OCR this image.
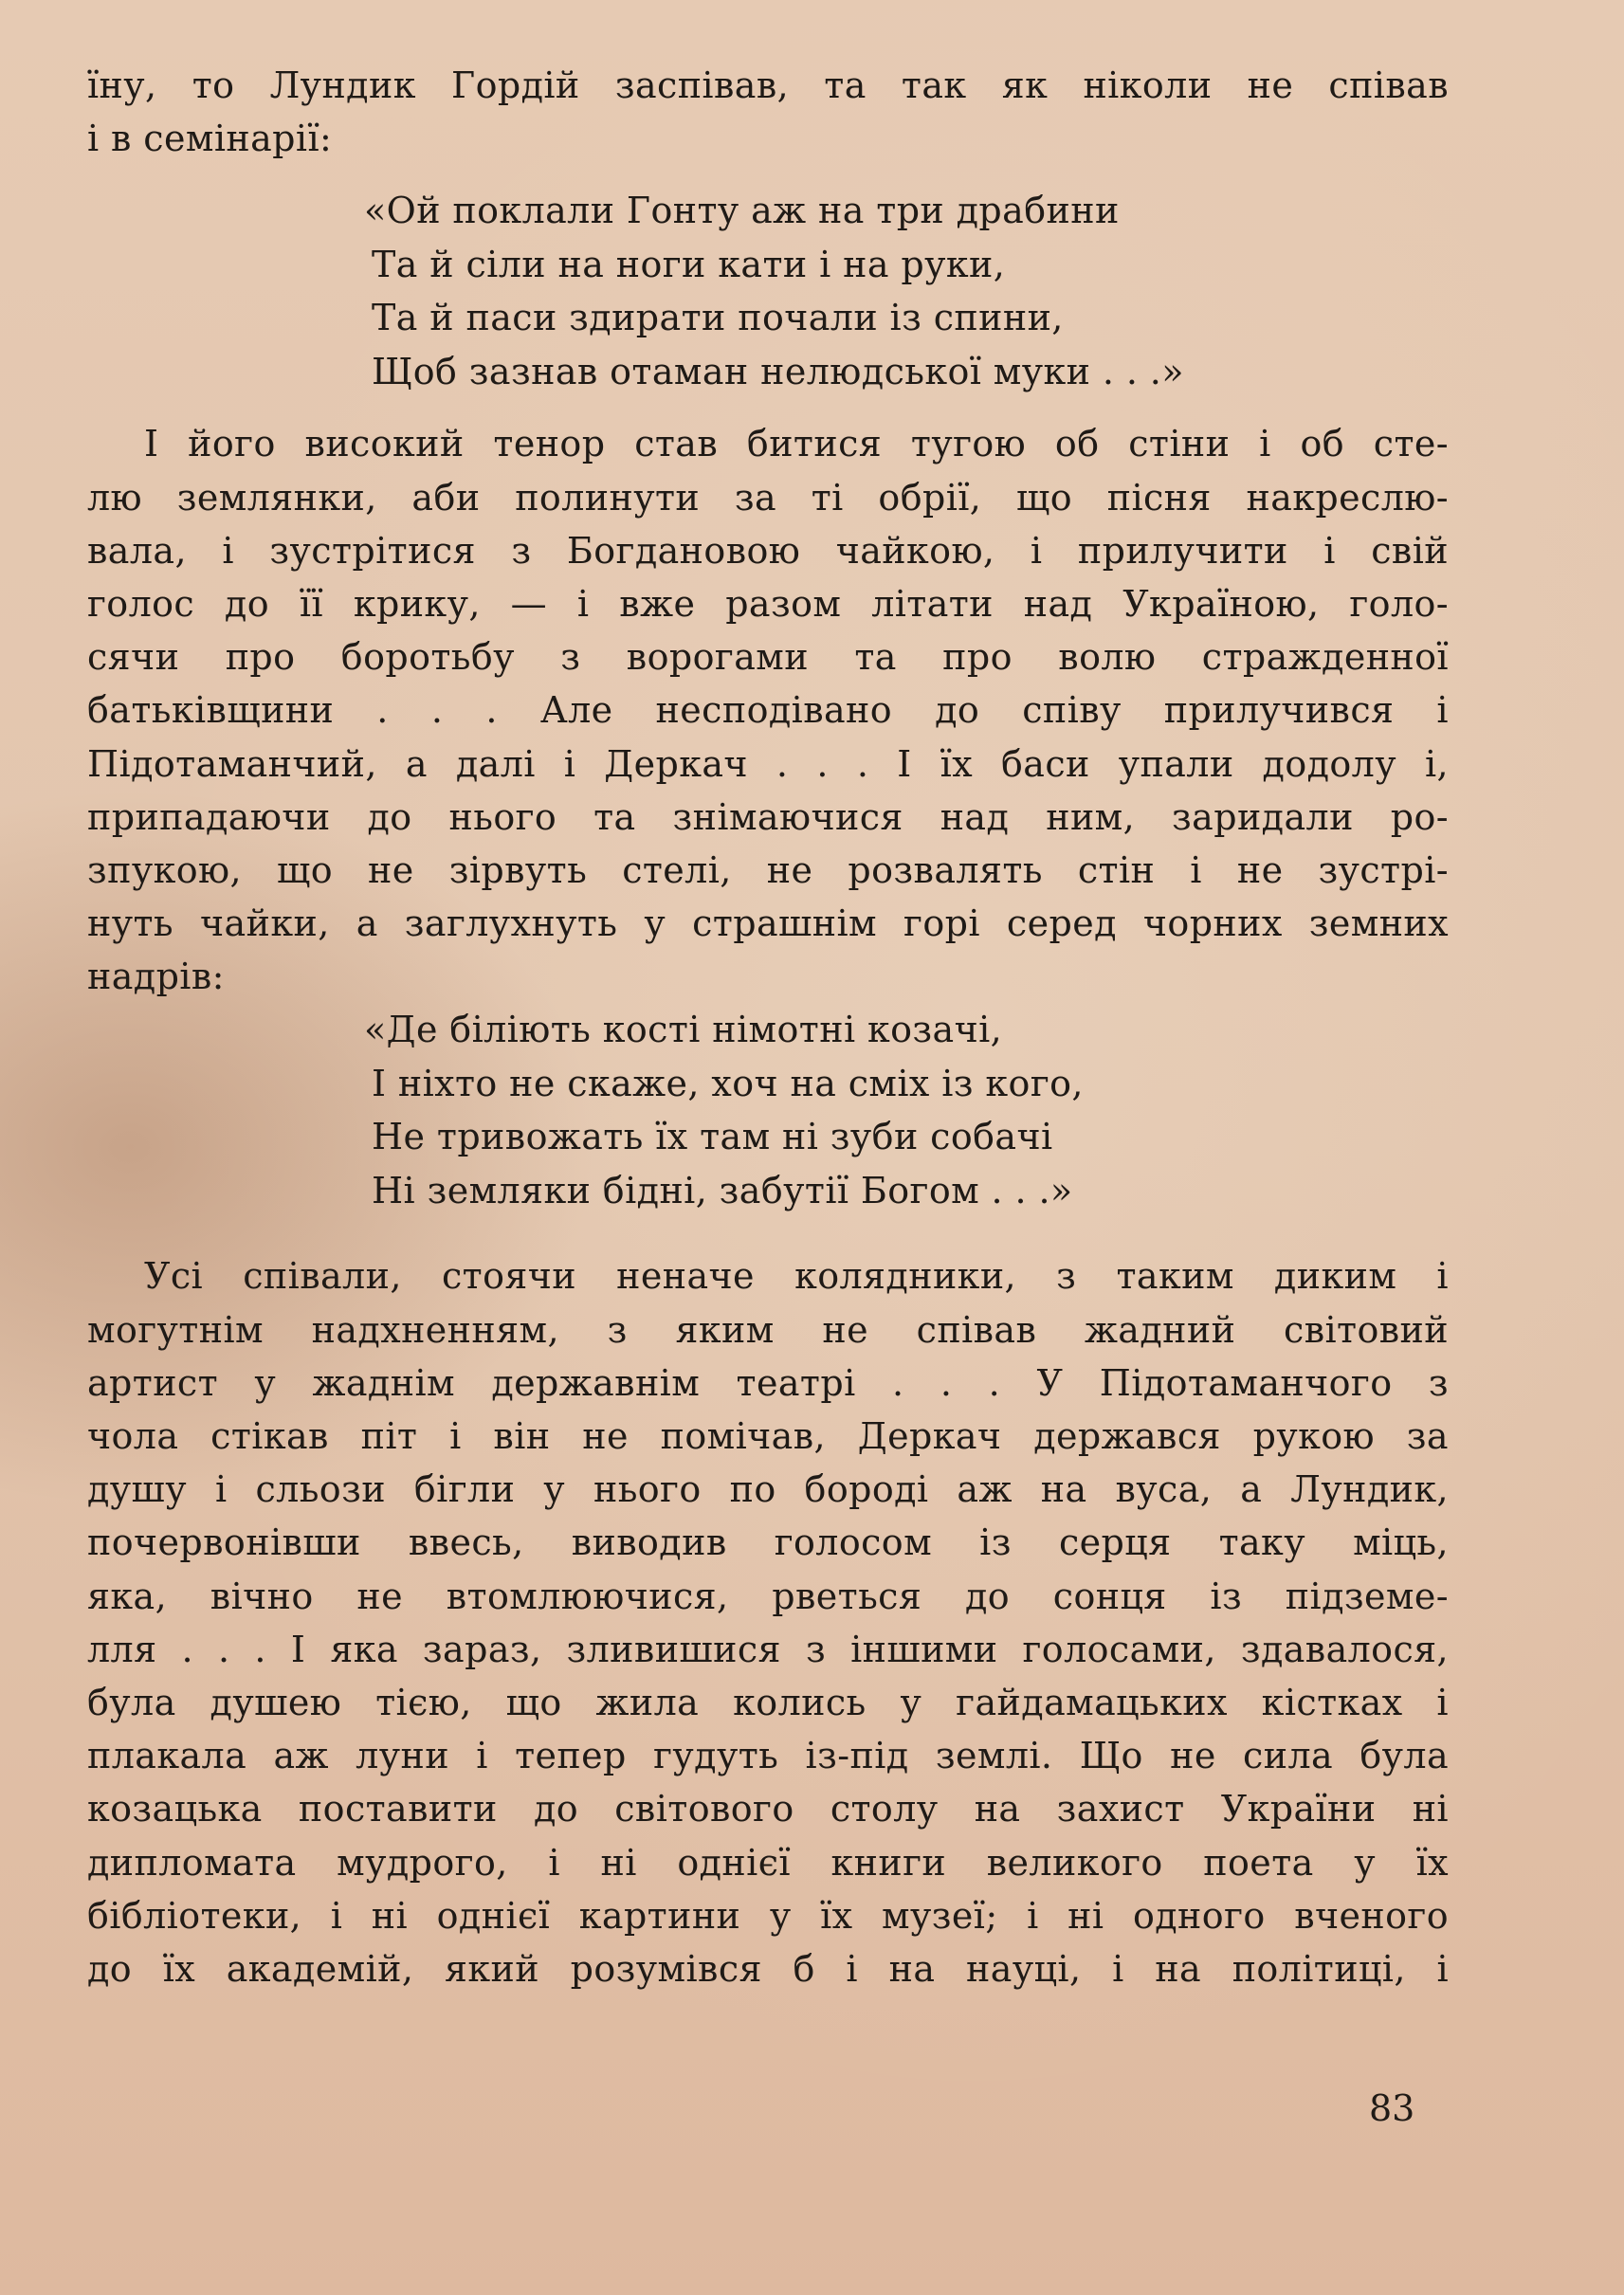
їну, то Лундик Гордій заспівав, та так як ніколи не співав
і в семінарії:
«Ой поклали Гонту аж на три драбини
Та й сіли на ноги кати і на руки,
Та й паси здирати почали із спини,
Щоб зазнав отаман нелюдської муки . . .»
І його високий тенор став битися тугою об стіни і об сте-
лю землянки, аби полинути за ті обрії, що пісня накреслю-
вала, і зустрітися з Богдановою чайкою, і прилучити і свій
голос до її крику, — і вже разом літати над Україною, голо-
сячи про боротьбу з ворогами та про волю стражденної
батьківщини . . . Але несподівано до співу прилучився і
Підотаманчий, а далі і Деркач . . . І їх баси упали додолу і,
припадаючи до нього та знімаючися над ним, заридали ро-
зпукою, що не зірвуть стелі, не розвалять стін і не зустрі-
нуть чайки, а заглухнуть у страшнім горі серед чорних земних
надрів:
«Де біліють кості німотні козачі,
І ніхто не скаже, хоч на сміх із кого,
Не тривожать їх там ні зуби собачі
Ні земляки бідні, забутії Богом . . .»
Усі співали, стоячи неначе колядники, з таким диким і
могутнім надхненням, з яким не співав жадний світовий
артист у жаднім державнім театрі . . . У Підотаманчого з
чола стікав піт і він не помічав, Деркач держався рукою за
душу і сльози бігли у нього по бороді аж на вуса, а Лундик,
почервонівши ввесь, виводив голосом із серця таку міць,
яка, вічно не втомлюючися, рветься до сонця із підземе-
лля . . . І яка зараз, зливишися з іншими голосами, здавалося,
була душею тією, що жила колись у гайдамацьких кістках і
плакала аж луни і тепер гудуть із-під землі. Що не сила була
козацька поставити до світового столу на захист України ні
дипломата мудрого, і ні однієї книги великого поета у їх
бібліотеки, і ні однієї картини у їх музеї; і ні одного вченого
до їх академій, який розумівся б і на науці, і на політиці, і
83
